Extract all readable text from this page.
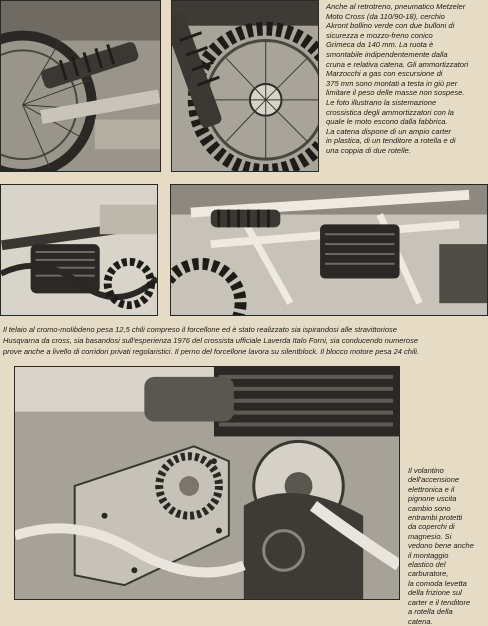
Anche al retrotreno, pneumatico Metzeler
Moto Cross (da 110/90-18), cerchio
Akront bollino verde con due bulloni di
sicurezza e mozzo-freno conico
Grimeca da 140 mm. La ruota è
smontabile indipendentemente dalla
cruna e relativa catena. Gli ammortizzatori
Marzocchi a gas con escursione di
375 mm sono montati a testa in giù per
limitare il peso delle masse non sospese.
Le foto illustrano la sistemazione
crossistica degli ammortizzatori con la
quale le moto escono dalla fabbrica.
La catena dispone di un ampio carter
in plastica, di un tenditore a rotella e di
una coppia di due rotelle.

Il telaio al cromo-molibdeno pesa 12,5 chili compreso il forcellone ed è stato realizzato sia ispirandosi alle stravittoriose
Husqvarna da cross, sia basandosi sull'esperienza 1976 del crossista ufficiale Laverda Italo Forni, sia conducendo numerose
prove anche a livello di corridori privati regolaristici. Il perno del forcellone lavora su silentblock. Il blocco motore pesa 24 chili.

Il volantino
dell'accensione
elettronica e il
pignone uscita
cambio sono
entrambi protetti
da coperchi di
magnesio. Si
vedono bene anche
il montaggio
elastico del
carburatore,
la comoda levetta
della frizione sul
carter e il tenditore
a rotella della
catena.
